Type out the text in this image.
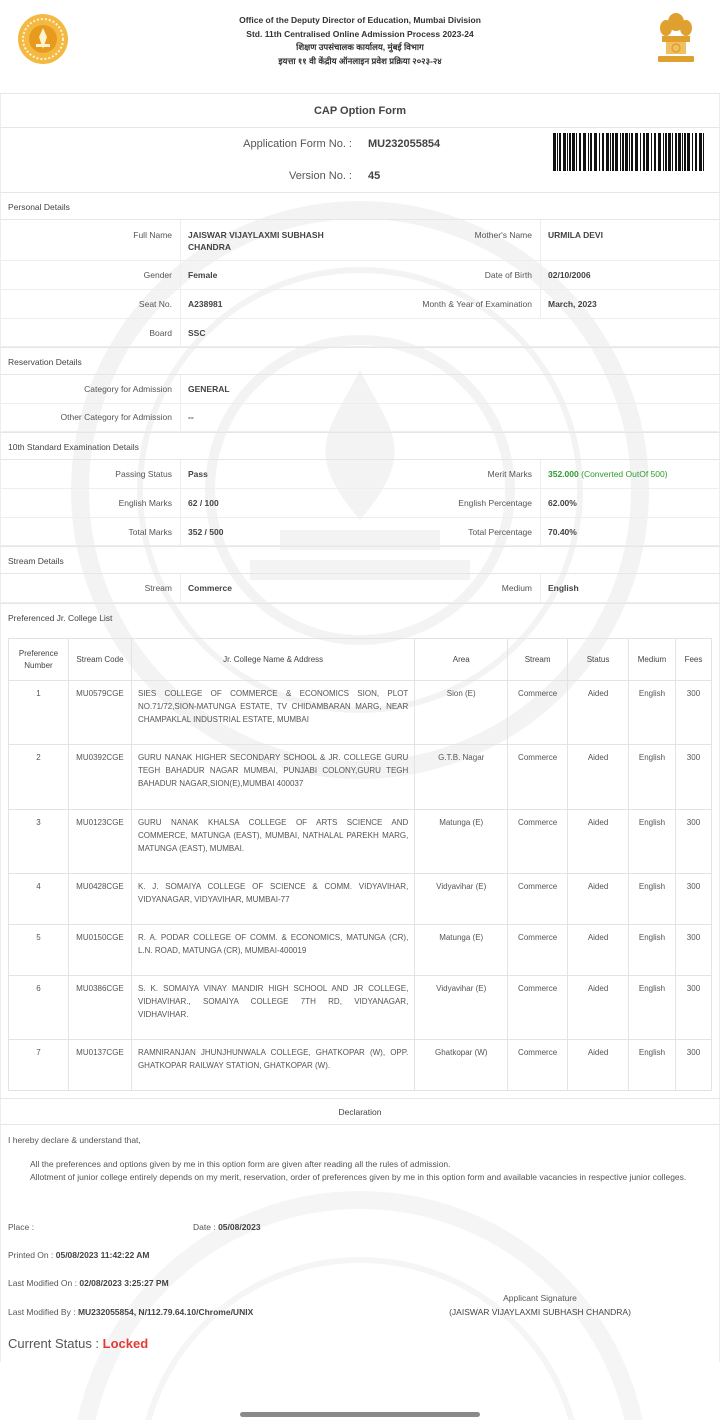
Office of the Deputy Director of Education, Mumbai Division
Std. 11th Centralised Online Admission Process 2023-24
शिक्षण उपसंचालक कार्यालय, मुंबई विभाग
इयत्ता ११ वी केंद्रीय ऑनलाइन प्रवेश प्रक्रिया २०२३-२४
CAP Option Form
Application Form No. : MU232055854
Version No. : 45
Personal Details
Full Name JAISWAR VIJAYLAXMI SUBHASH CHANDRA
Mother's Name URMILA DEVI
Gender Female	Date of Birth 02/10/2006
Seat No. A238981	Month & Year of Examination March, 2023
Board SSC
Reservation Details
Category for Admission GENERAL
Other Category for Admission --
10th Standard Examination Details
Passing Status Pass	Merit Marks 352.000 (Converted OutOf 500)
English Marks 62 / 100	English Percentage 62.00%
Total Marks 352 / 500	Total Percentage 70.40%
Stream Details
Stream Commerce	Medium English
Preferenced Jr. College List
Preference Number	Stream Code	Jr. College Name & Address	Area	Stream	Status	Medium	Fees
1	MU0579CGE	SIES COLLEGE OF COMMERCE & ECONOMICS SION, PLOT NO.71/72,SION-MATUNGA ESTATE, TV CHIDAMBARAN MARG, NEAR CHAMPAKLAL INDUSTRIAL ESTATE, MUMBAI	Sion (E)	Commerce	Aided	English	300
2	MU0392CGE	GURU NANAK HIGHER SECONDARY SCHOOL & JR. COLLEGE GURU TEGH BAHADUR NAGAR MUMBAI, PUNJABI COLONY,GURU TEGH BAHADUR NAGAR,SION(E),MUMBAI 400037	G.T.B. Nagar	Commerce	Aided	English	300
3	MU0123CGE	GURU NANAK KHALSA COLLEGE OF ARTS SCIENCE AND COMMERCE, MATUNGA (EAST), MUMBAI, NATHALAL PAREKH MARG, MATUNGA (EAST), MUMBAI.	Matunga (E)	Commerce	Aided	English	300
4	MU0428CGE	K. J. SOMAIYA COLLEGE OF SCIENCE & COMM. VIDYAVIHAR, VIDYANAGAR, VIDYAVIHAR, MUMBAI-77	Vidyavihar (E)	Commerce	Aided	English	300
5	MU0150CGE	R. A. PODAR COLLEGE OF COMM. & ECONOMICS, MATUNGA (CR), L.N. ROAD, MATUNGA (CR), MUMBAI-400019	Matunga (E)	Commerce	Aided	English	300
6	MU0386CGE	S. K. SOMAIYA VINAY MANDIR HIGH SCHOOL AND JR COLLEGE, VIDHAVIHAR., SOMAIYA COLLEGE 7TH RD, VIDYANAGAR, VIDHAVIHAR.	Vidyavihar (E)	Commerce	Aided	English	300
7	MU0137CGE	RAMNIRANJAN JHUNJHUNWALA COLLEGE, GHATKOPAR (W), OPP. GHATKOPAR RAILWAY STATION, GHATKOPAR (W).	Ghatkopar (W)	Commerce	Aided	English	300
Declaration
I hereby declare & understand that,
All the preferences and options given by me in this option form are given after reading all the rules of admission.
Allotment of junior college entirely depends on my merit, reservation, order of preferences given by me in this option form and available vacancies in respective junior colleges.
Place :	Date : 05/08/2023
Printed On : 05/08/2023 11:42:22 AM
Last Modified On : 02/08/2023 3:25:27 PM
Last Modified By : MU232055854, N/112.79.64.10/Chrome/UNIX
Applicant Signature
(JAISWAR VIJAYLAXMI SUBHASH CHANDRA)
Current Status : Locked
